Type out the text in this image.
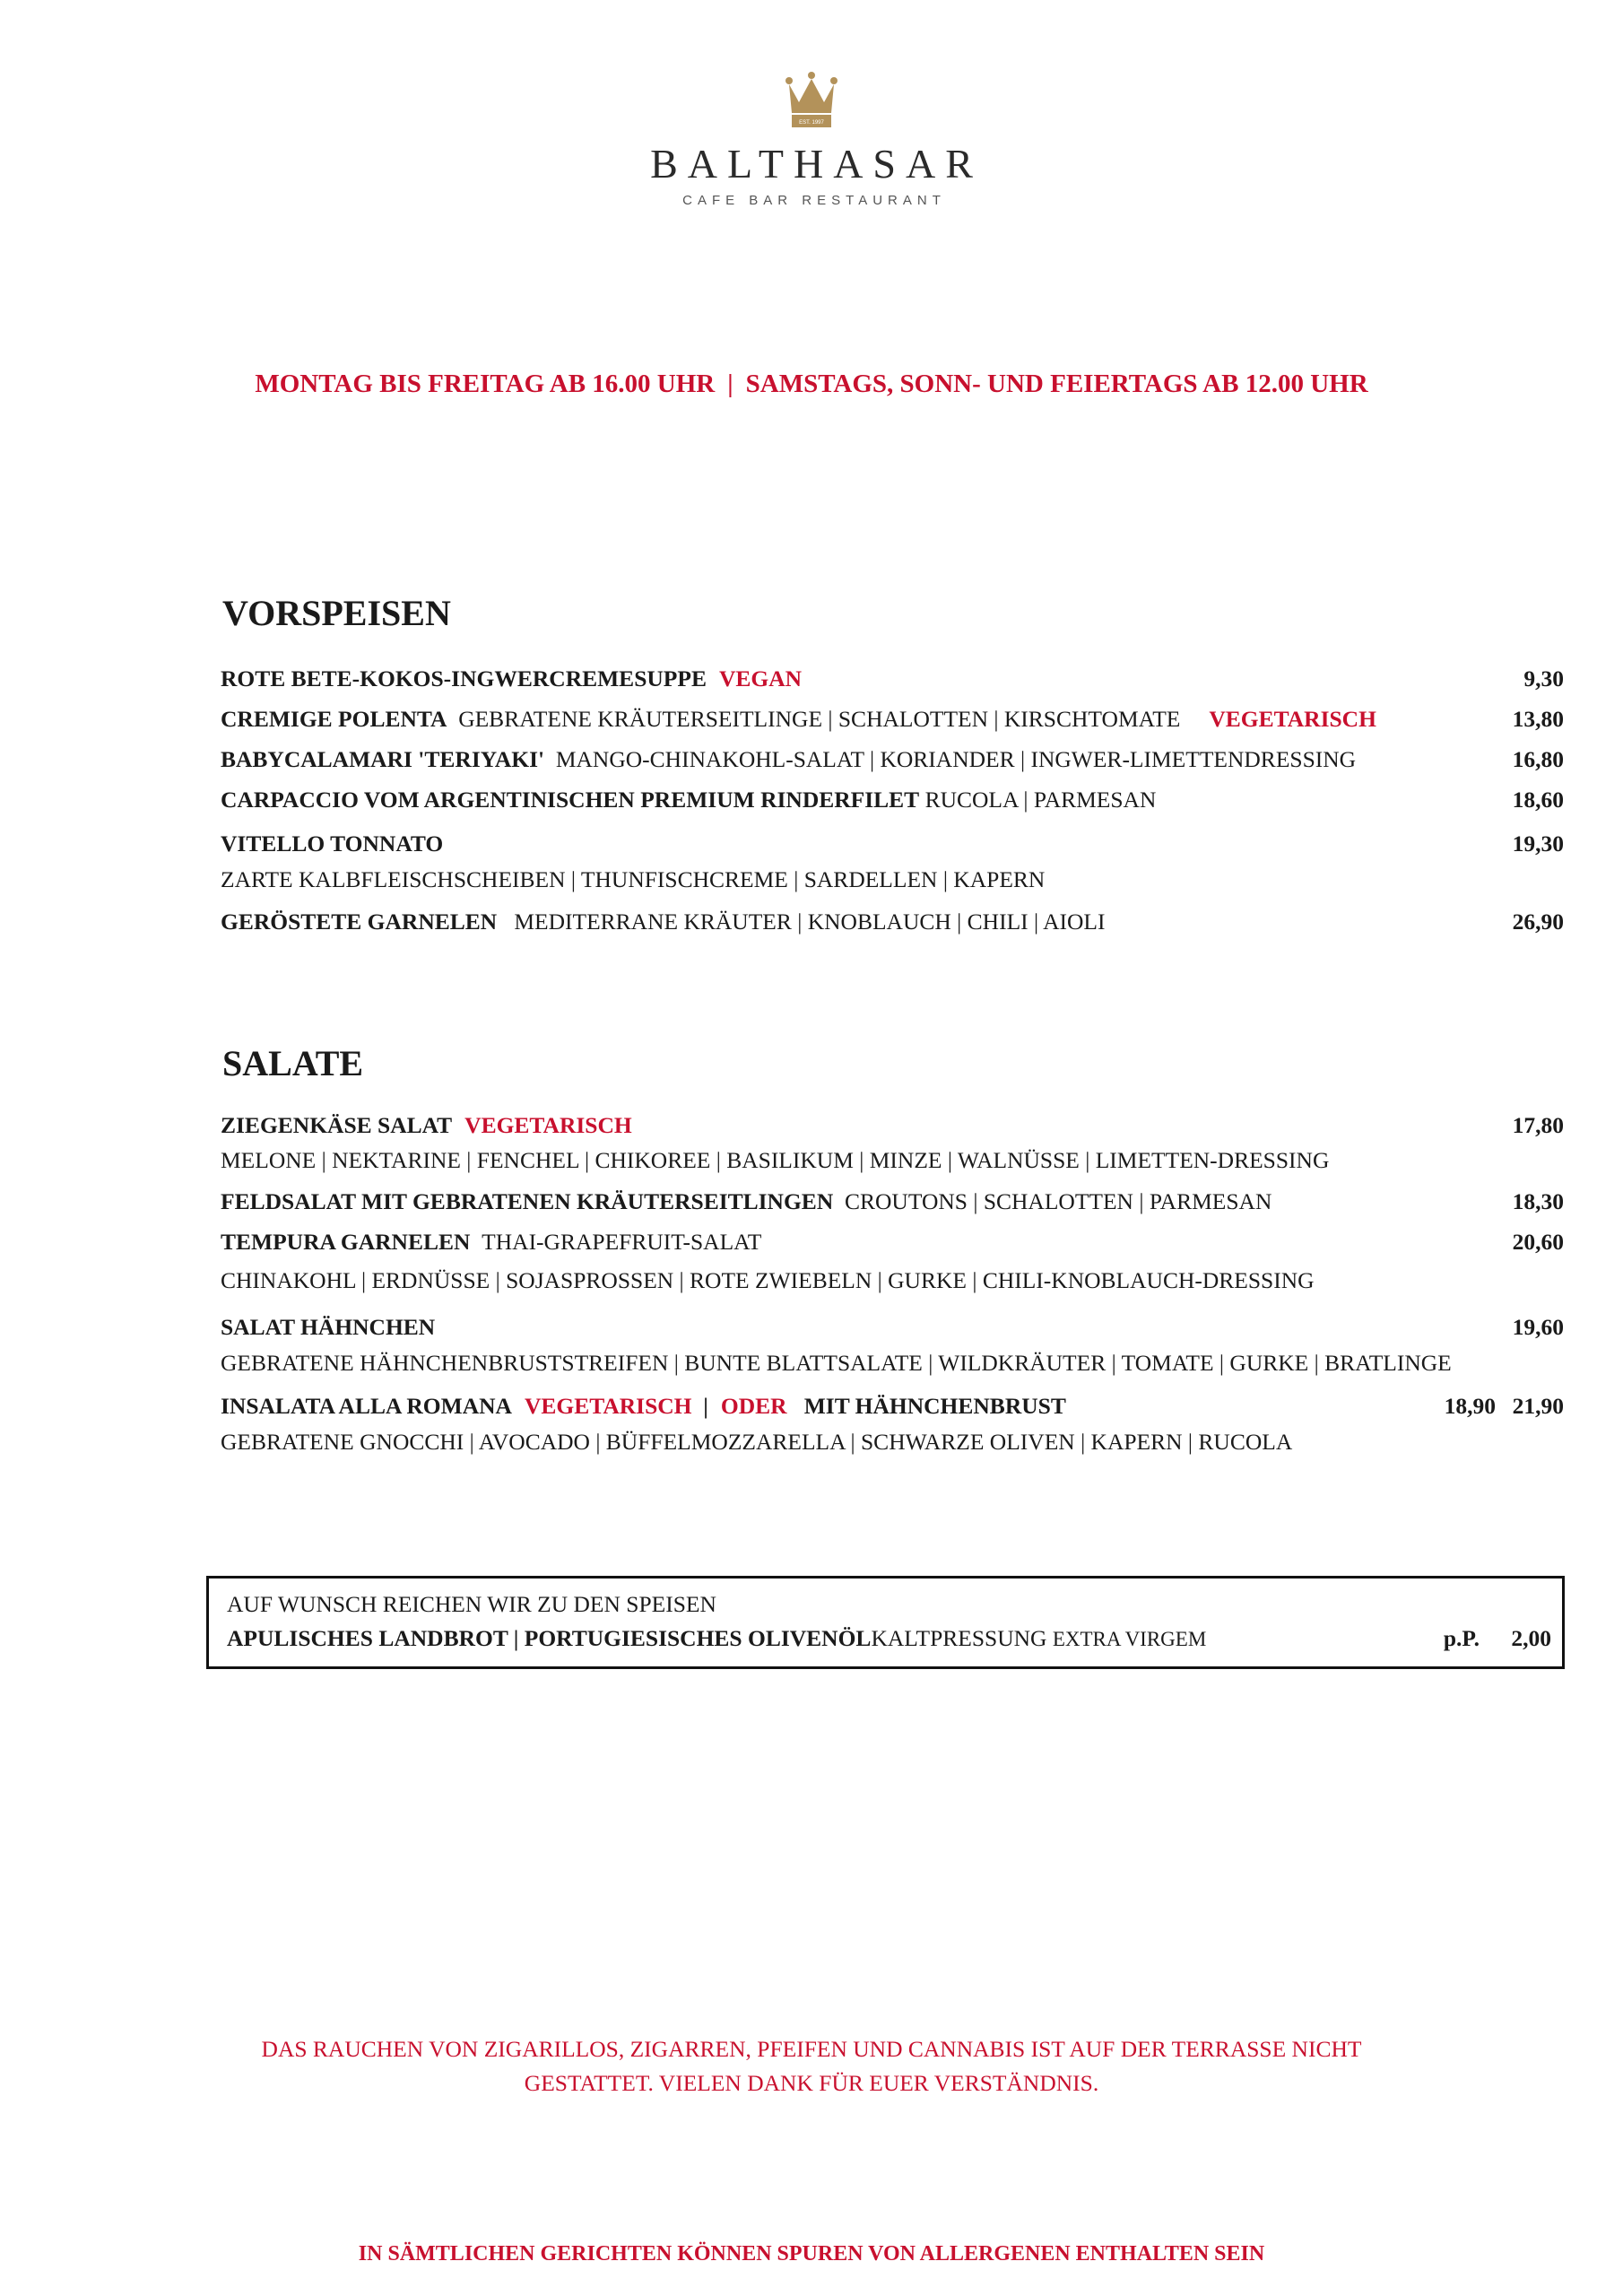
EST. 1997
BALTHASAR
CAFE BAR RESTAURANT
MONTAG BIS FREITAG AB 16.00 UHR | SAMSTAGS, SONN- UND FEIERTAGS AB 12.00 UHR
VORSPEISEN
ROTE BETE-KOKOS-INGWERCREMESUPPE VEGAN	9,30
CREMIGE POLENTA GEBRATENE KRÄUTERSEITLINGE | SCHALOTTEN | KIRSCHTOMATE VEGETARISCH	13,80
BABYCALAMARI 'TERIYAKI' MANGO-CHINAKOHL-SALAT | KORIANDER | INGWER-LIMETTENDRESSING	16,80
CARPACCIO VOM ARGENTINISCHEN PREMIUM RINDERFILET RUCOLA | PARMESAN	18,60
VITELLO TONNATO	19,30
ZARTE KALBFLEISCHSCHEIBEN | THUNFISCHCREME | SARDELLEN | KAPERN
GERÖSTETE GARNELEN MEDITERRANE KRÄUTER | KNOBLAUCH | CHILI | AIOLI	26,90
SALATE
ZIEGENKÄSE SALAT VEGETARISCH	17,80
MELONE | NEKTARINE | FENCHEL | CHIKOREE | BASILIKUM | MINZE | WALNÜSSE | LIMETTEN-DRESSING
FELDSALAT MIT GEBRATENEN KRÄUTERSEITLINGEN CROUTONS | SCHALOTTEN | PARMESAN	18,30
TEMPURA GARNELEN THAI-GRAPEFRUIT-SALAT	20,60
CHINAKOHL | ERDNÜSSE | SOJASPROSSEN | ROTE ZWIEBELN | GURKE | CHILI-KNOBLAUCH-DRESSING
SALAT HÄHNCHEN	19,60
GEBRATENE HÄHNCHENBRUSTSTREIFEN | BUNTE BLATTSALATE | WILDKRÄUTER | TOMATE | GURKE | BRATLINGE
INSALATA ALLA ROMANA VEGETARISCH | ODER MIT HÄHNCHENBRUST	18,90 21,90
GEBRATENE GNOCCHI | AVOCADO | BÜFFELMOZZARELLA | SCHWARZE OLIVEN | KAPERN | RUCOLA
AUF WUNSCH REICHEN WIR ZU DEN SPEISEN
APULISCHES LANDBROT | PORTUGIESISCHES OLIVENÖLKALTPRESSUNG EXTRA VIRGEM	p.P. 2,00
DAS RAUCHEN VON ZIGARILLOS, ZIGARREN, PFEIFEN UND CANNABIS IST AUF DER TERRASSE NICHT
GESTATTET. VIELEN DANK FÜR EUER VERSTÄNDNIS.
IN SÄMTLICHEN GERICHTEN KÖNNEN SPUREN VON ALLERGENEN ENTHALTEN SEIN
